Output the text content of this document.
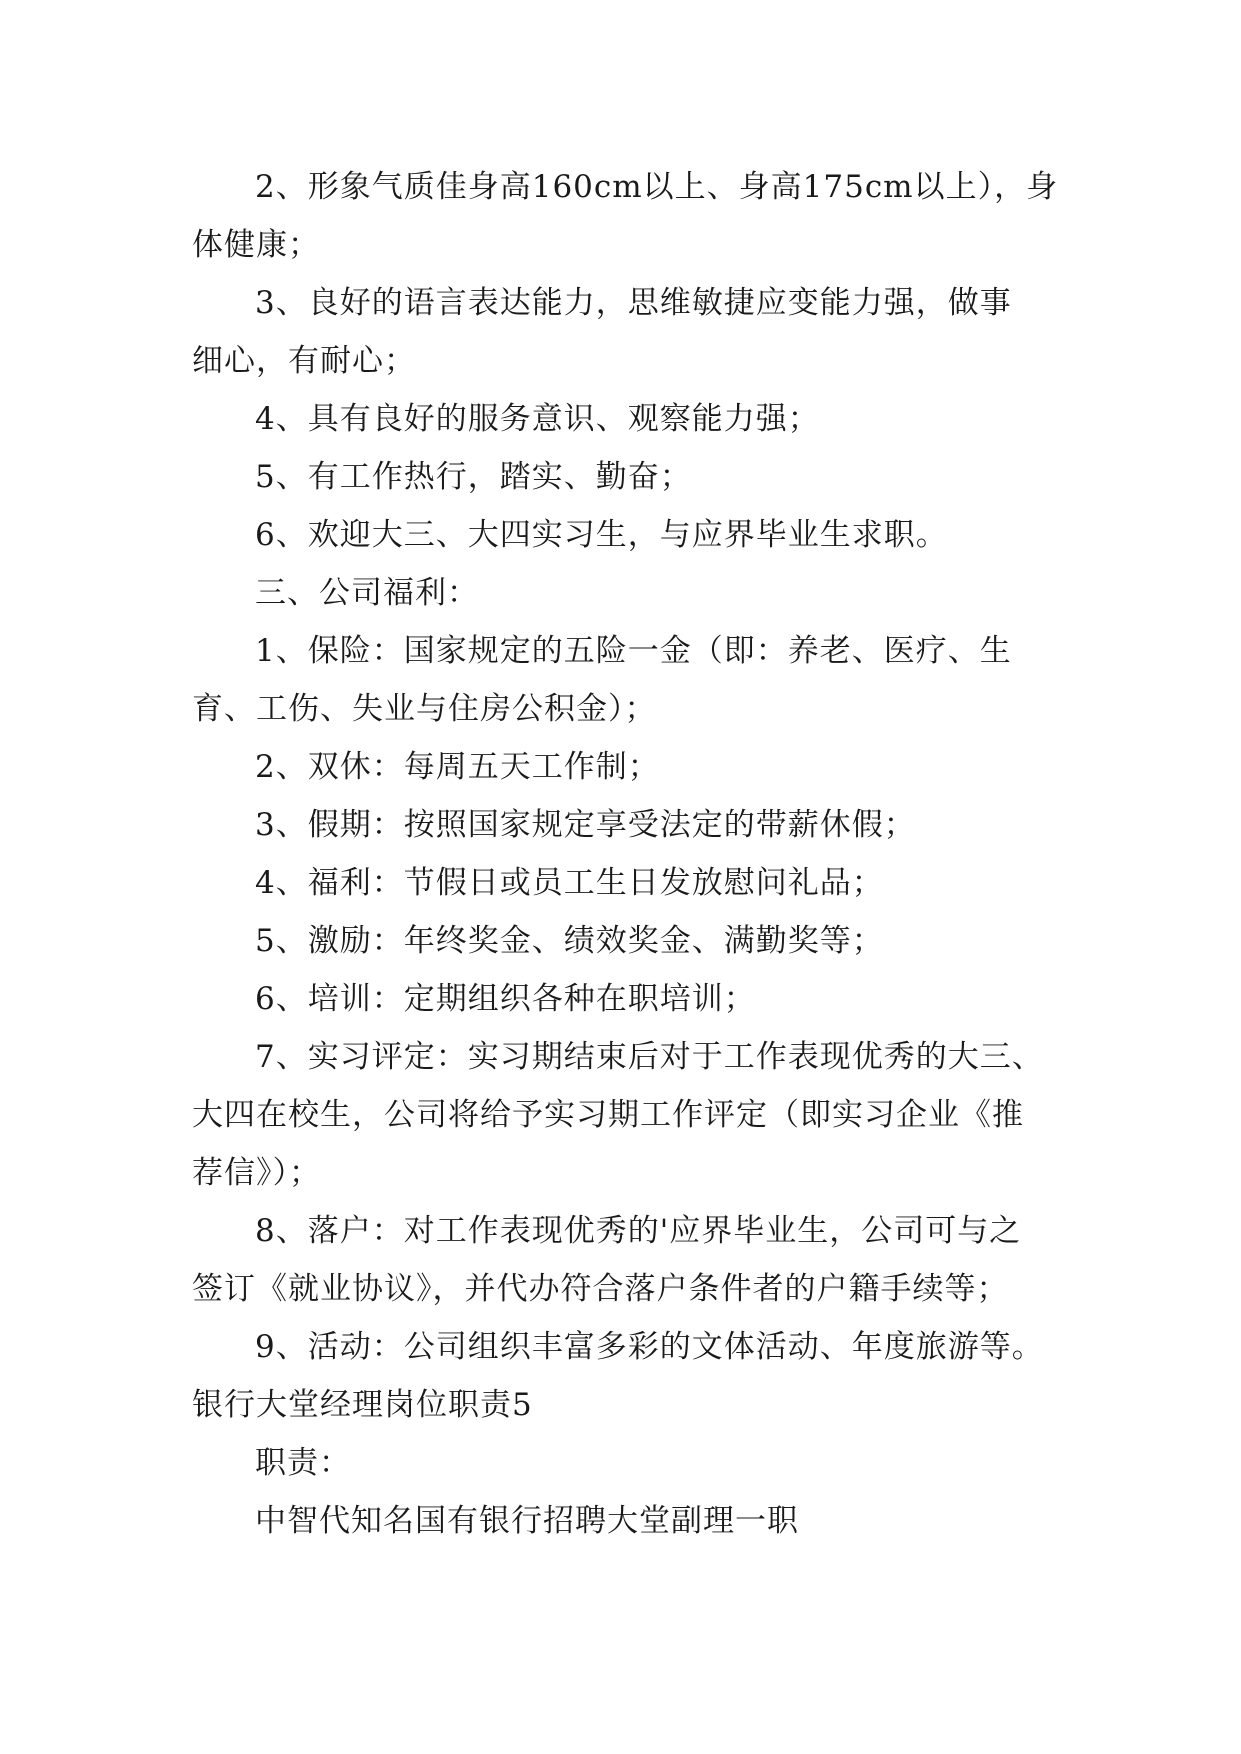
2、形象气质佳身高160cm以上、身高175cm以上），身
体健康；
3、良好的语言表达能力，思维敏捷应变能力强，做事
细心，有耐心；
4、具有良好的服务意识、观察能力强；
5、有工作热行，踏实、勤奋；
6、欢迎大三、大四实习生，与应界毕业生求职。
三、公司福利：
1、保险：国家规定的五险一金（即：养老、医疗、生
育、工伤、失业与住房公积金）；
2、双休：每周五天工作制；
3、假期：按照国家规定享受法定的带薪休假；
4、福利：节假日或员工生日发放慰问礼品；
5、激励：年终奖金、绩效奖金、满勤奖等；
6、培训：定期组织各种在职培训；
7、实习评定：实习期结束后对于工作表现优秀的大三、
大四在校生，公司将给予实习期工作评定（即实习企业《推
荐信》）；
8、落户：对工作表现优秀的'应界毕业生，公司可与之
签订《就业协议》，并代办符合落户条件者的户籍手续等；
9、活动：公司组织丰富多彩的文体活动、年度旅游等。
银行大堂经理岗位职责5
职责：
中智代知名国有银行招聘大堂副理一职
